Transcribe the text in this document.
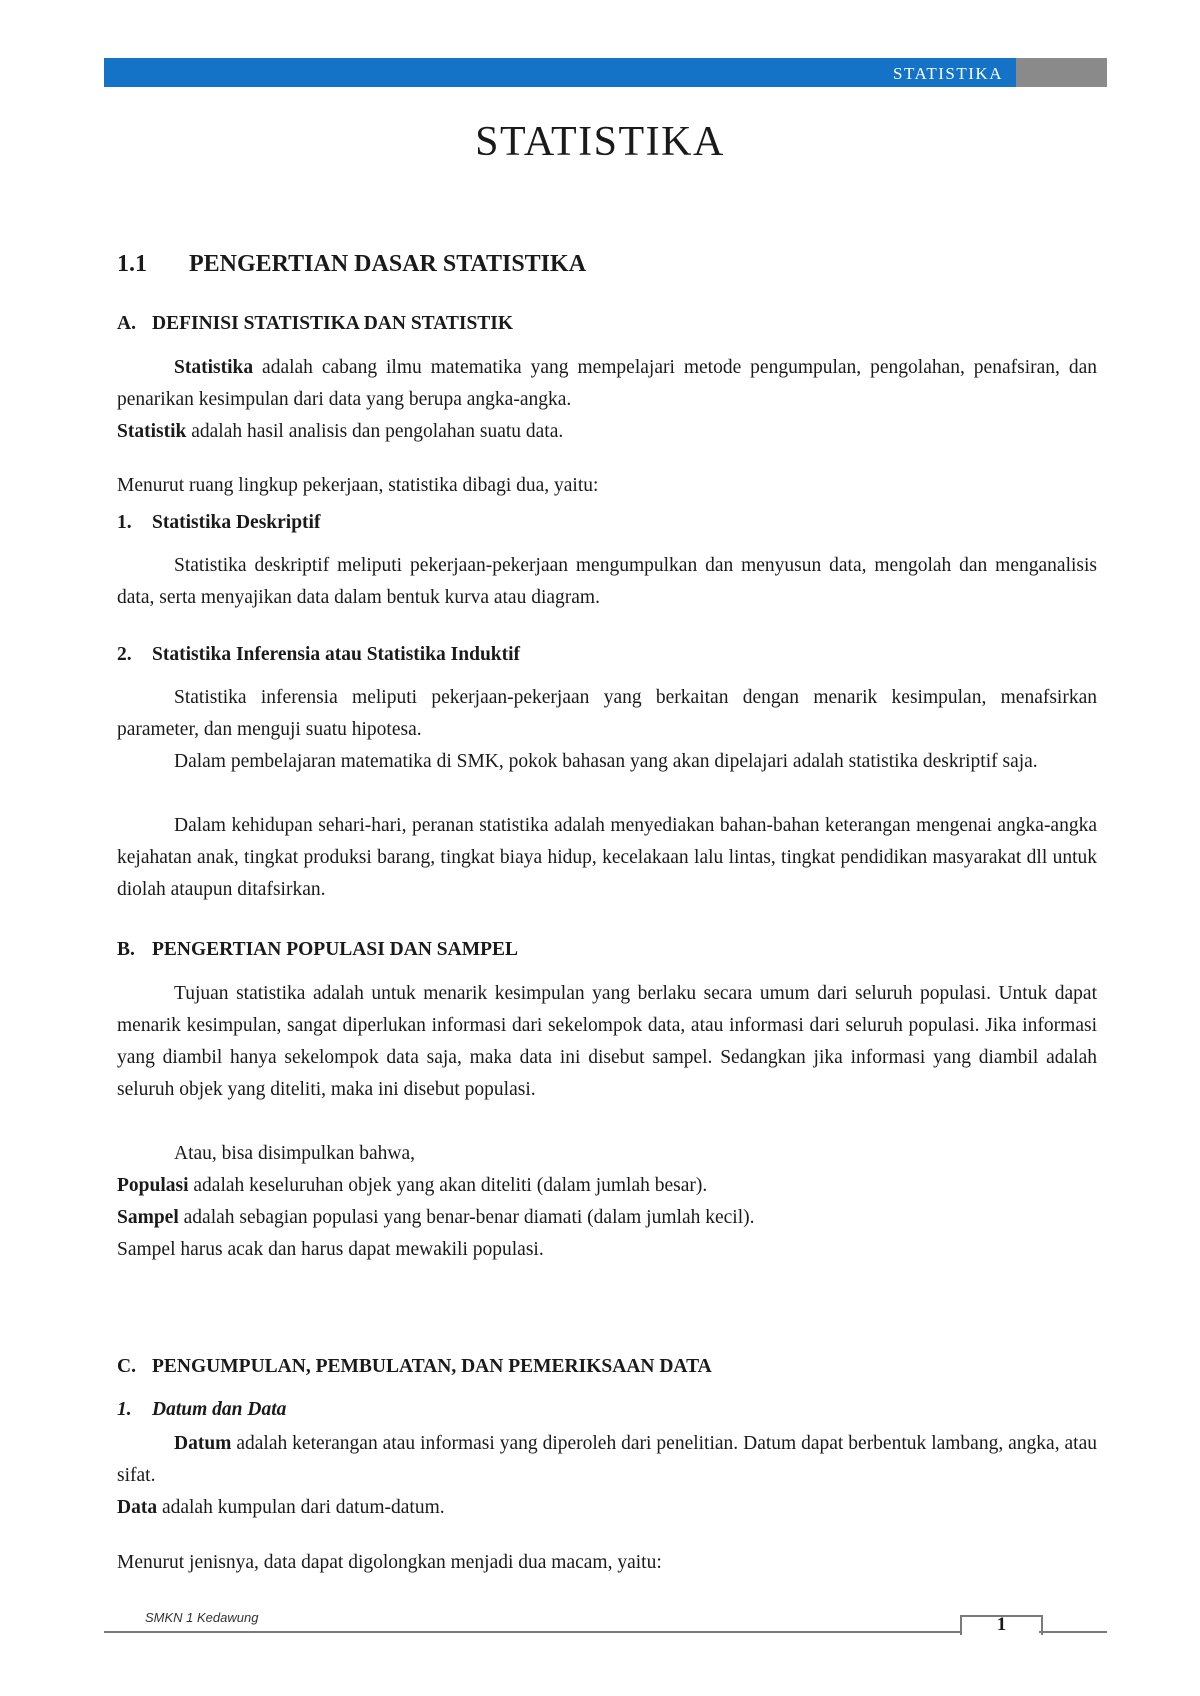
STATISTIKA
STATISTIKA
1.1 PENGERTIAN DASAR STATISTIKA
A. DEFINISI STATISTIKA DAN STATISTIK

Statistika adalah cabang ilmu matematika yang mempelajari metode pengumpulan, pengolahan, penafsiran, dan penarikan kesimpulan dari data yang berupa angka-angka.

Statistik adalah hasil analisis dan pengolahan suatu data.

Menurut ruang lingkup pekerjaan, statistika dibagi dua, yaitu:

1. Statistika Deskriptif

Statistika deskriptif meliputi pekerjaan-pekerjaan mengumpulkan dan menyusun data, mengolah dan menganalisis data, serta menyajikan data dalam bentuk kurva atau diagram.

2. Statistika Inferensia atau Statistika Induktif

Statistika inferensia meliputi pekerjaan-pekerjaan yang berkaitan dengan menarik kesimpulan, menafsirkan parameter, dan menguji suatu hipotesa.

Dalam pembelajaran matematika di SMK, pokok bahasan yang akan dipelajari adalah statistika deskriptif saja.

Dalam kehidupan sehari-hari, peranan statistika adalah menyediakan bahan-bahan keterangan mengenai angka-angka kejahatan anak, tingkat produksi barang, tingkat biaya hidup, kecelakaan lalu lintas, tingkat pendidikan masyarakat dll untuk diolah ataupun ditafsirkan.

B. PENGERTIAN POPULASI DAN SAMPEL

Tujuan statistika adalah untuk menarik kesimpulan yang berlaku secara umum dari seluruh populasi. Untuk dapat menarik kesimpulan, sangat diperlukan informasi dari sekelompok data, atau informasi dari seluruh populasi. Jika informasi yang diambil hanya sekelompok data saja, maka data ini disebut sampel. Sedangkan jika informasi yang diambil adalah seluruh objek yang diteliti, maka ini disebut populasi.

Atau, bisa disimpulkan bahwa,

Populasi adalah keseluruhan objek yang akan diteliti (dalam jumlah besar).

Sampel adalah sebagian populasi yang benar-benar diamati (dalam jumlah kecil).

Sampel harus acak dan harus dapat mewakili populasi.

C. PENGUMPULAN, PEMBULATAN, DAN PEMERIKSAAN DATA
1. Datum dan Data

Datum adalah keterangan atau informasi yang diperoleh dari penelitian. Datum dapat berbentuk lambang, angka, atau sifat.

Data adalah kumpulan dari datum-datum.

Menurut jenisnya, data dapat digolongkan menjadi dua macam, yaitu:

SMKN 1 Kedawung	1
